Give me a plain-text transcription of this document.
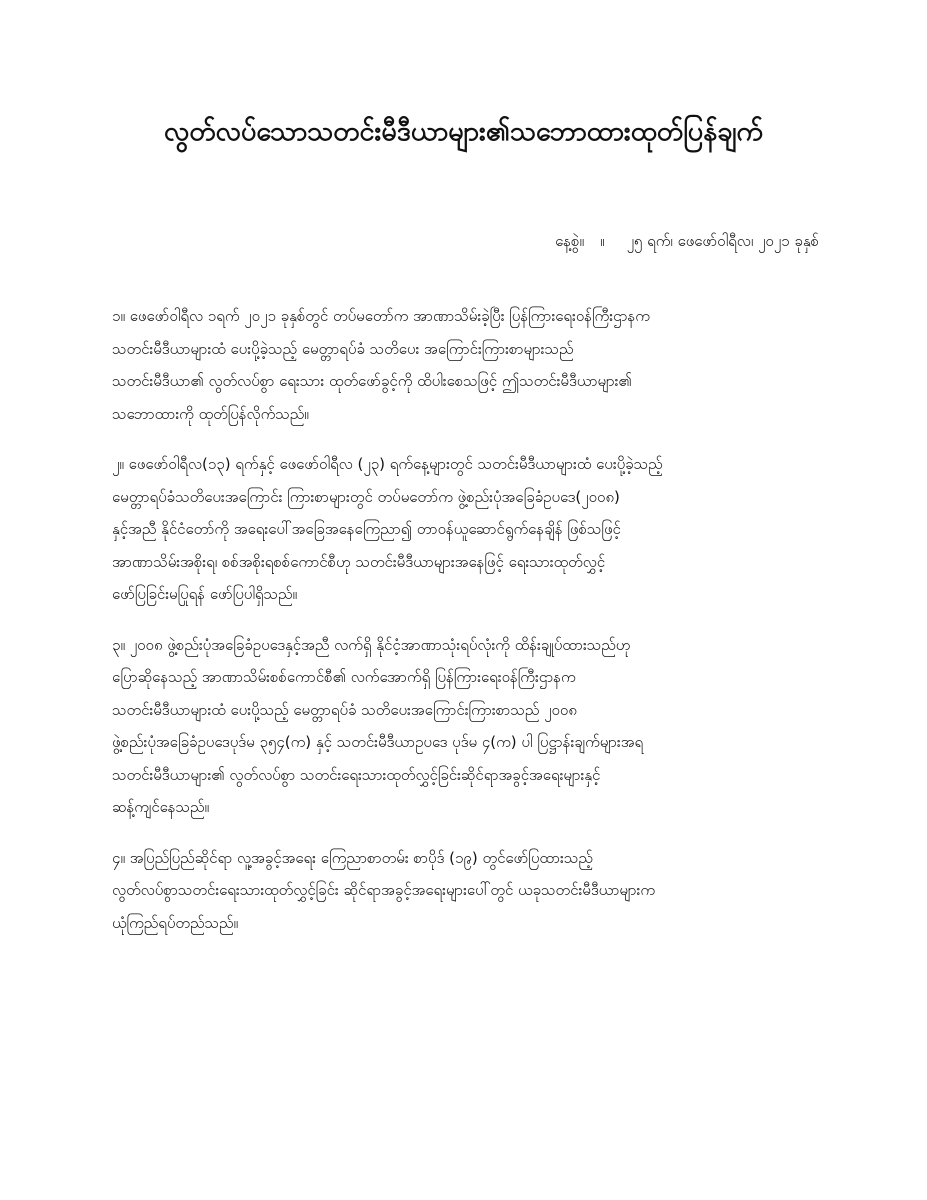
လွတ်လပ်သောသတင်းမီဒီယာများ၏သဘောထားထုတ်ပြန်ချက်
နေ့စွဲ။ ။ ၂၅ ရက်၊ ဖေဖော်ဝါရီလ၊ ၂၀၂၁ ခုနှစ်
၁။ ဖေဖော်ဝါရီလ ၁ရက် ၂၀၂၁ ခုနှစ်တွင် တပ်မတော်က အာဏာသိမ်းခဲ့ပြီး ပြန်ကြားရေးဝန်ကြီးဌာနက
သတင်းမီဒီယာများထံ ပေးပို့ခဲ့သည့် မေတ္တာရပ်ခံ သတိပေး အကြောင်းကြားစာများသည်
သတင်းမီဒီယာ၏ လွတ်လပ်စွာ ရေးသား ထုတ်ဖော်ခွင့်ကို ထိပါးစေသဖြင့် ဤသတင်းမီဒီယာများ၏
သဘောထားကို ထုတ်ပြန်လိုက်သည်။
၂။ ဖေဖော်ဝါရီလ(၁၃) ရက်နှင့် ဖေဖော်ဝါရီလ (၂၃) ရက်နေ့များတွင် သတင်းမီဒီယာများထံ ပေးပို့ခဲ့သည့်
မေတ္တာရပ်ခံသတိပေးအကြောင်း ကြားစာများတွင် တပ်မတော်က ဖွဲ့စည်းပုံအခြေခံဥပဒေ(၂၀၀၈)
နှင့်အညီ နိုင်ငံတော်ကို အရေးပေါ်အခြေအနေကြေညာ၍ တာဝန်ယူဆောင်ရွက်နေချိန် ဖြစ်သဖြင့်
အာဏာသိမ်းအစိုးရ၊ စစ်အစိုးရစစ်ကောင်စီဟု သတင်းမီဒီယာများအနေဖြင့် ရေးသားထုတ်လွှင့်
ဖော်ပြခြင်းမပြုရန် ဖော်ပြပါရှိသည်။
၃။ ၂၀၀၈ ဖွဲ့စည်းပုံအခြေခံဥပဒေနှင့်အညီ လက်ရှိ နိုင်ငံ့အာဏာသုံးရပ်လုံးကို ထိန်းချုပ်ထားသည်ဟု
ပြောဆိုနေသည့် အာဏာသိမ်းစစ်ကောင်စီ၏ လက်အောက်ရှိ ပြန်ကြားရေးဝန်ကြီးဌာနက
သတင်းမီဒီယာများထံ ပေးပို့သည့် မေတ္တာရပ်ခံ သတိပေးအကြောင်းကြားစာသည် ၂၀၀၈
ဖွဲ့စည်းပုံအခြေခံဥပဒေပုဒ်မ ၃၅၄(က) နှင့် သတင်းမီဒီယာဥပဒေ ပုဒ်မ ၄(က) ပါ ပြဋ္ဌာန်းချက်များအရ
သတင်းမီဒီယာများ၏ လွတ်လပ်စွာ သတင်းရေးသားထုတ်လွှင့်ခြင်းဆိုင်ရာအခွင့်အရေးများနှင့်
ဆန့်ကျင်နေသည်။
၄။ အပြည်ပြည်ဆိုင်ရာ လူ့အခွင့်အရေး ကြေညာစာတမ်း စာပိုဒ် (၁၉) တွင်ဖော်ပြထားသည့်
လွတ်လပ်စွာသတင်းရေးသားထုတ်လွှင့်ခြင်း ဆိုင်ရာအခွင့်အရေးများပေါ်တွင် ယခုသတင်းမီဒီယာများက
ယုံကြည်ရပ်တည်သည်။
